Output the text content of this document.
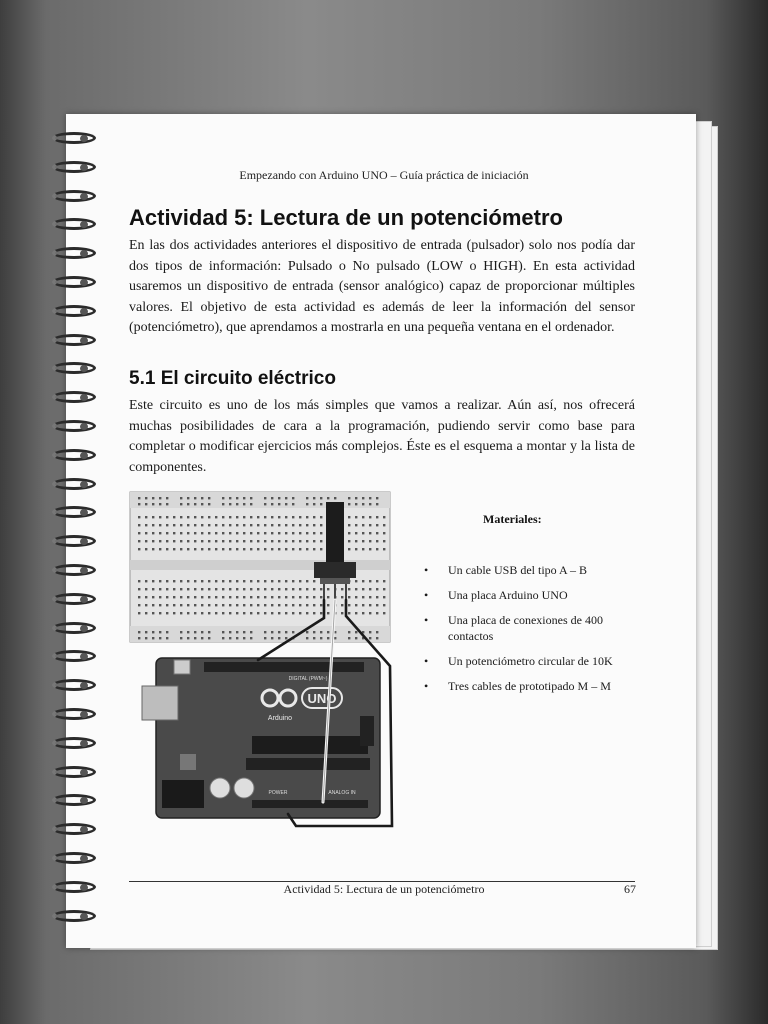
Empezando con Arduino UNO – Guía práctica de iniciación

Actividad 5: Lectura de un potenciómetro

En las dos actividades anteriores el dispositivo de entrada (pulsador) solo nos podía dar dos tipos de información: Pulsado o No pulsado (LOW o HIGH). En esta actividad usaremos un dispositivo de entrada (sensor analógico) capaz de proporcionar múltiples valores. El objetivo de esta actividad es además de leer la información del sensor (potenciómetro), que aprendamos a mostrarla en una pequeña ventana en el ordenador.

5.1 El circuito eléctrico

Este circuito es uno de los más simples que vamos a realizar. Aún así, nos ofrecerá muchas posibilidades de cara a la programación, pudiendo servir como base para completar o modificar ejercicios más complejos. Éste es el esquema a montar y la lista de componentes.

UNO
Arduino
DIGITAL (PWM~)
POWER	ANALOG IN

Materiales:

• Un cable USB del tipo A – B
• Una placa Arduino UNO
• Una placa de conexiones de 400 contactos
• Un potenciómetro circular de 10K
• Tres cables de prototipado M – M

Actividad 5: Lectura de un potenciómetro	67
